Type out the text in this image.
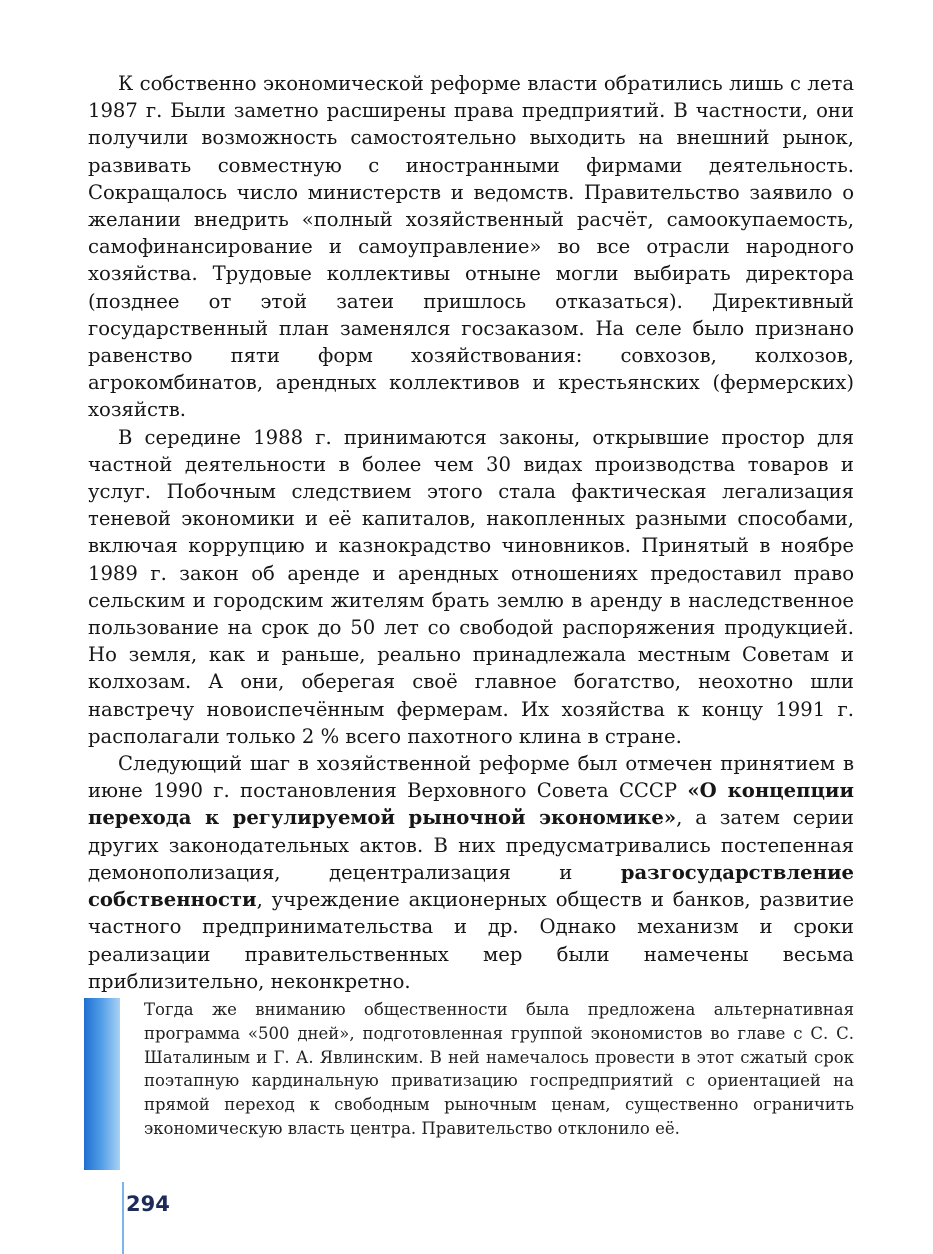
К собственно экономической реформе власти обратились лишь с лета 1987 г. Были заметно расширены права предприятий. В частности, они получили возможность самостоятельно выходить на внешний рынок, развивать совместную с иностранными фирмами деятельность. Сокращалось число министерств и ведомств. Правительство заявило о желании внедрить «полный хозяйственный расчёт, самоокупаемость, самофинансирование и самоуправление» во все отрасли народного хозяйства. Трудовые коллективы отныне могли выбирать директора (позднее от этой затеи пришлось отказаться). Директивный государственный план заменялся госзаказом. На селе было признано равенство пяти форм хозяйствования: совхозов, колхозов, агрокомбинатов, арендных коллективов и крестьянских (фермерских) хозяйств.

В середине 1988 г. принимаются законы, открывшие простор для частной деятельности в более чем 30 видах производства товаров и услуг. Побочным следствием этого стала фактическая легализация теневой экономики и её капиталов, накопленных разными способами, включая коррупцию и казнокрадство чиновников. Принятый в ноябре 1989 г. закон об аренде и арендных отношениях предоставил право сельским и городским жителям брать землю в аренду в наследственное пользование на срок до 50 лет со свободой распоряжения продукцией. Но земля, как и раньше, реально принадлежала местным Советам и колхозам. А они, оберегая своё главное богатство, неохотно шли навстречу новоиспечённым фермерам. Их хозяйства к концу 1991 г. располагали только 2 % всего пахотного клина в стране.

Следующий шаг в хозяйственной реформе был отмечен принятием в июне 1990 г. постановления Верховного Совета СССР «О концепции перехода к регулируемой рыночной экономике», а затем серии других законодательных актов. В них предусматривались постепенная демонополизация, децентрализация и разгосударствление собственности, учреждение акционерных обществ и банков, развитие частного предпринимательства и др. Однако механизм и сроки реализации правительственных мер были намечены весьма приблизительно, неконкретно.

Тогда же вниманию общественности была предложена альтернативная программа «500 дней», подготовленная группой экономистов во главе с С. С. Шаталиным и Г. А. Явлинским. В ней намечалось провести в этот сжатый срок поэтапную кардинальную приватизацию госпредприятий с ориентацией на прямой переход к свободным рыночным ценам, существенно ограничить экономическую власть центра. Правительство отклонило её.

294
